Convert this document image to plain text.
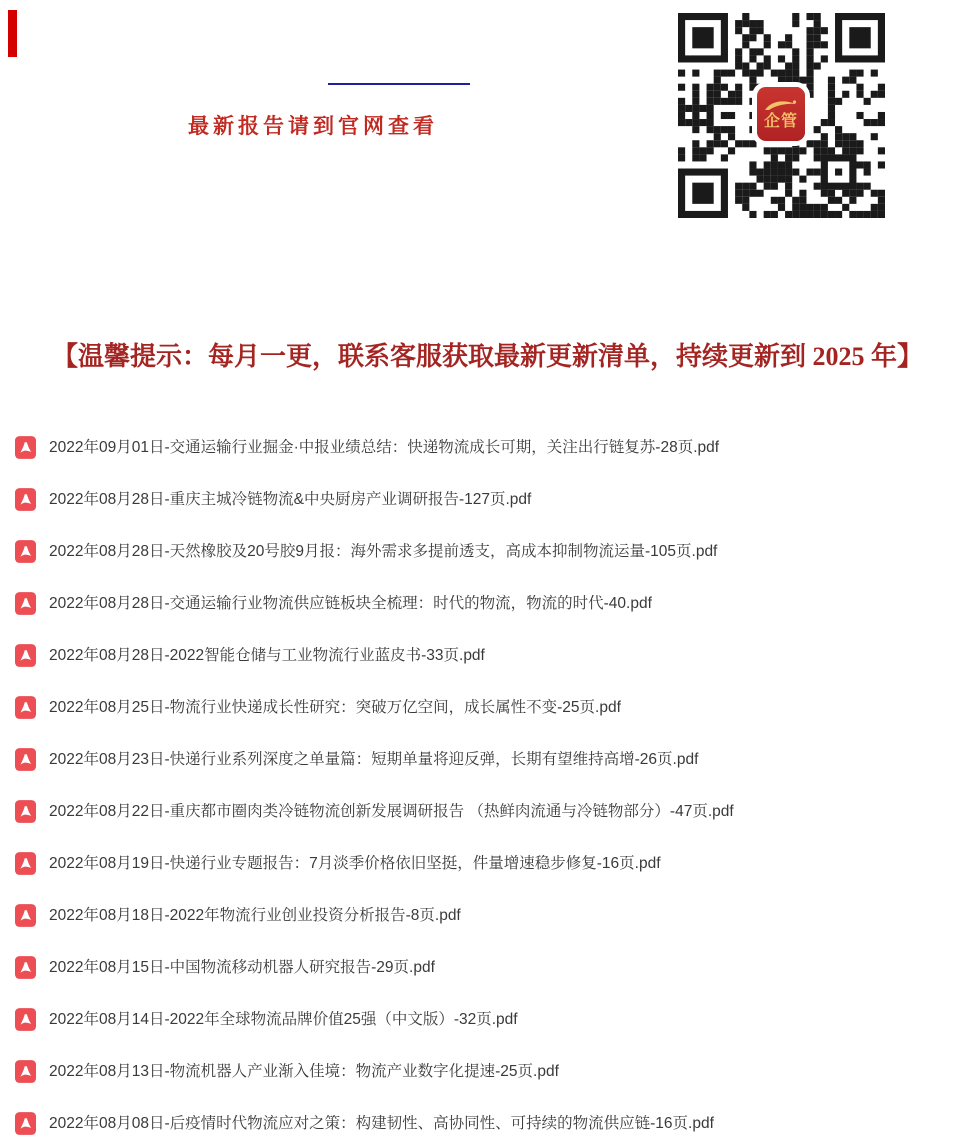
最新报告请到官网查看	企管
【温馨提示：每月一更，联系客服获取最新更新清单，持续更新到 2025 年】
2022年09月01日-交通运输行业掘金·中报业绩总结：快递物流成长可期，关注出行链复苏-28页.pdf
2022年08月28日-重庆主城冷链物流&中央厨房产业调研报告-127页.pdf
2022年08月28日-天然橡胶及20号胶9月报：海外需求多提前透支，高成本抑制物流运量-105页.pdf
2022年08月28日-交通运输行业物流供应链板块全梳理：时代的物流，物流的时代-40.pdf
2022年08月28日-2022智能仓储与工业物流行业蓝皮书-33页.pdf
2022年08月25日-物流行业快递成长性研究：突破万亿空间，成长属性不变-25页.pdf
2022年08月23日-快递行业系列深度之单量篇：短期单量将迎反弹，长期有望维持高增-26页.pdf
2022年08月22日-重庆都市圈肉类冷链物流创新发展调研报告 （热鲜肉流通与冷链物部分）-47页.pdf
2022年08月19日-快递行业专题报告：7月淡季价格依旧坚挺，件量增速稳步修复-16页.pdf
2022年08月18日-2022年物流行业创业投资分析报告-8页.pdf
2022年08月15日-中国物流移动机器人研究报告-29页.pdf
2022年08月14日-2022年全球物流品牌价值25强（中文版）-32页.pdf
2022年08月13日-物流机器人产业渐入佳境：物流产业数字化提速-25页.pdf
2022年08月08日-后疫情时代物流应对之策：构建韧性、高协同性、可持续的物流供应链-16页.pdf
